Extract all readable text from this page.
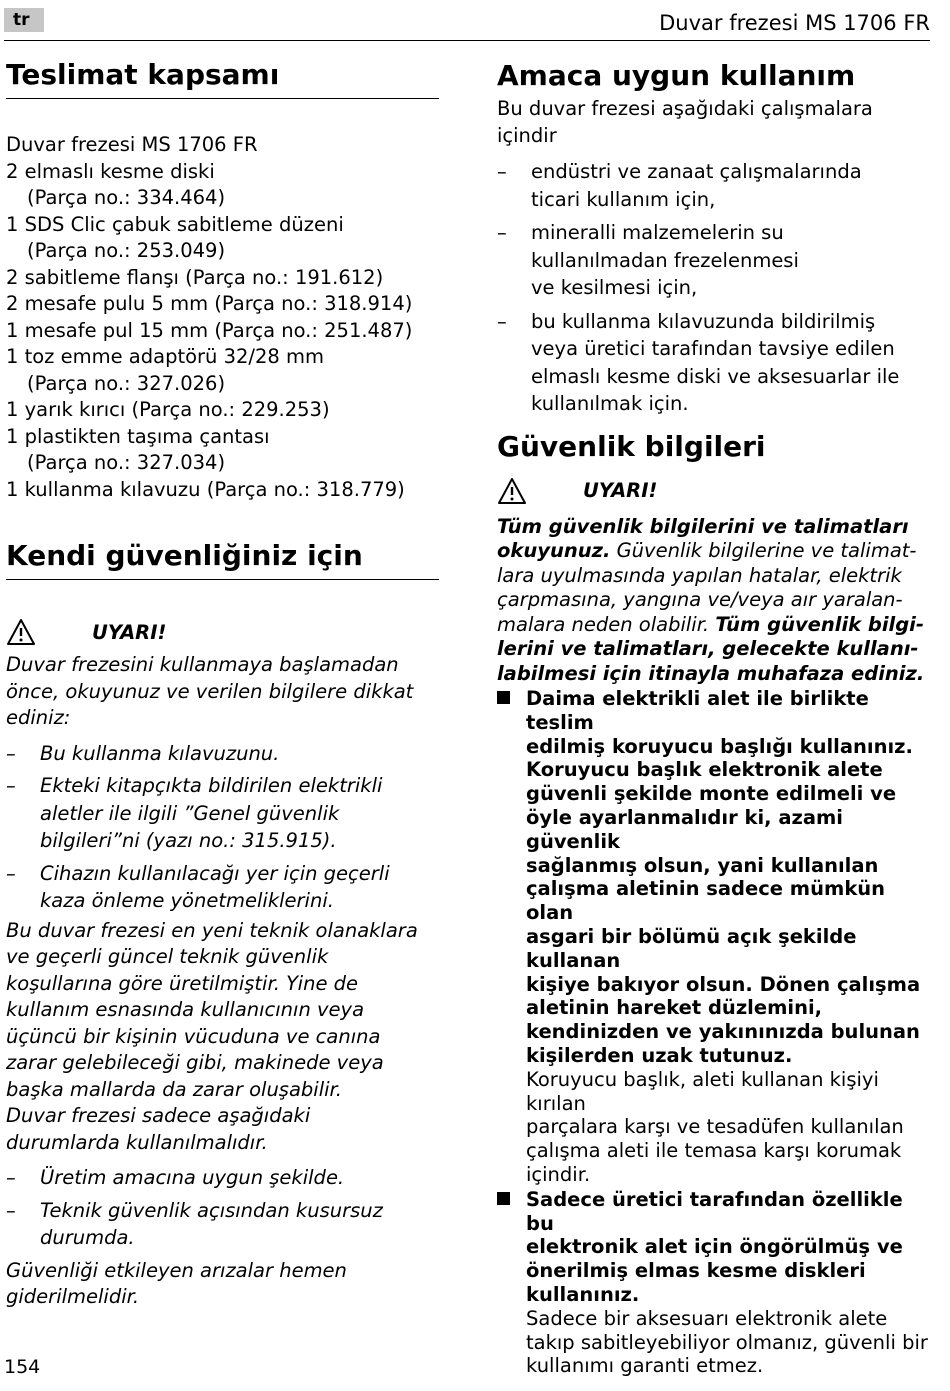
tr	Duvar frezesi MS 1706 FR
Teslimat kapsamı

Duvar frezesi MS 1706 FR

2 elmaslı kesme diski

(Parça no.: 334.464)

1 SDS Clic çabuk sabitleme düzeni

(Parça no.: 253.049)

2 sabitleme flanşı (Parça no.: 191.612)

2 mesafe pulu 5 mm (Parça no.: 318.914)

1 mesafe pul 15 mm (Parça no.: 251.487)

1 toz emme adaptörü 32/28 mm

(Parça no.: 327.026)

1 yarık kırıcı (Parça no.: 229.253)

1 plastikten taşıma çantası

(Parça no.: 327.034)

1 kullanma kılavuzu (Parça no.: 318.779)

Kendi güvenliğiniz için
UYARI!

Duvar frezesini kullanmaya başlamadan

önce, okuyunuz ve verilen bilgilere dikkat

ediniz:

– Bu kullanma kılavuzunu.
– Ekteki kitapçıkta bildirilen elektrikli
aletler ile ilgili ”Genel güvenlik
bilgileri”ni (yazı no.: 315.915).
– Cihazın kullanılacağı yer için geçerli
kaza önleme yönetmeliklerini.

Bu duvar frezesi en yeni teknik olanaklara

ve geçerli güncel teknik güvenlik

koşullarına göre üretilmiştir. Yine de

kullanım esnasında kullanıcının veya

üçüncü bir kişinin vücuduna ve canına

zarar gelebileceği gibi, makinede veya

başka mallarda da zarar oluşabilir.

Duvar frezesi sadece aşağıdaki

durumlarda kullanılmalıdır.

– Üretim amacına uygun şekilde.
– Teknik güvenlik açısından kusursuz
durumda.

Güvenliği etkileyen arızalar hemen

giderilmelidir.

Amaca uygun kullanım

Bu duvar frezesi aşağıdaki çalışmalara

içindir

– endüstri ve zanaat çalışmalarında
ticari kullanım için,
– mineralli malzemelerin su
kullanılmadan frezelenmesi
ve kesilmesi için,
– bu kullanma kılavuzunda bildirilmiş
veya üretici tarafından tavsiye edilen
elmaslı kesme diski ve aksesuarlar ile
kullanılmak için.
Güvenlik bilgileri
UYARI!
Tüm güvenlik bilgilerini ve talimatları
okuyunuz. Güvenlik bilgilerine ve talimat-
lara uyulmasında yapılan hatalar, elektrik
çarpmasına, yangına ve/veya aır yaralan-
malara neden olabilir. Tüm güvenlik bilgi-
lerini ve talimatları, gelecekte kullanı-
labilmesi için itinayla muhafaza ediniz.
Daima elektrikli alet ile birlikte teslim
edilmiş koruyucu başlığı kullanınız.
Koruyucu başlık elektronik alete
güvenli şekilde monte edilmeli ve
öyle ayarlanmalıdır ki, azami güvenlik
sağlanmış olsun, yani kullanılan
çalışma aletinin sadece mümkün olan
asgari bir bölümü açık şekilde kullanan
kişiye bakıyor olsun. Dönen çalışma
aletinin hareket düzlemini,
kendinizden ve yakınınızda bulunan
kişilerden uzak tutunuz.
Koruyucu başlık, aleti kullanan kişiyi kırılan
parçalara karşı ve tesadüfen kullanılan
çalışma aleti ile temasa karşı korumak
içindir.
Sadece üretici tarafından özellikle bu
elektronik alet için öngörülmüş ve
önerilmiş elmas kesme diskleri
kullanınız.
Sadece bir aksesuarı elektronik alete
takıp sabitleyebiliyor olmanız, güvenli bir
kullanımı garanti etmez.
154
